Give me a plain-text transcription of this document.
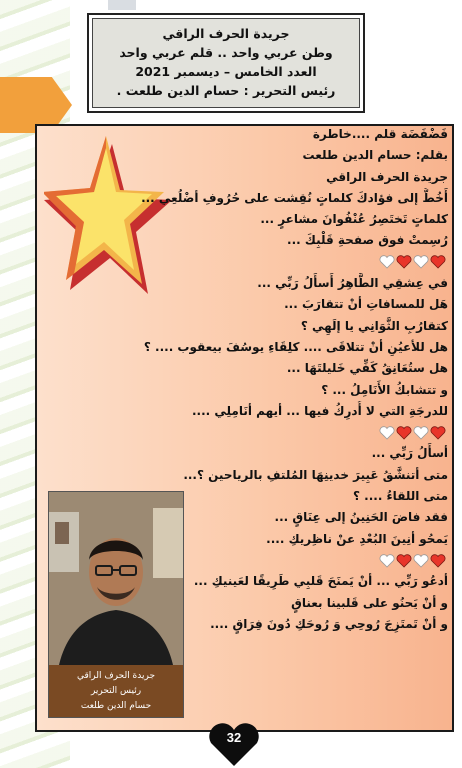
جريدة الحرف الراقي
وطن عربي واحد .. قلم عربي واحد
العدد الخامس – ديسمبر 2021
رئيس التحرير : حسام الدين طلعت .
فَضْفَضَة قلم ....خاطرة
بقلم: حسام الدين طلعت
جريدة الحرف الراقي
أَخُطُّ إلى فؤادكَ كلماتٍ نُقِشت على حُرُوفِ أضْلُعِي ...
كلماتٍ تَختَصِرُ عُنْفُوانَ مشاعرٍ ...
رُسِمتْ فوق صفحةِ قَلْبِكَ ...
في عِشقِي الطَّاهِرُ أَسأَلُ رَبِّي ...
هَل للمسافاتِ أنْ تتقارَبَ ...
كتقارُبِ الثَّوَانِي يا إلَهِي ؟
هل للأعيُنِ أنْ تتلاقَى .... كلِقَاءِ يوسُفَ بيعقوب .... ؟
هل ستُعَانِقُ كَفِّي خَليلتَهَا ...
و تتشابكُ الأَنَامِلُ ... ؟
للدرجَةِ التي لا أُدرِكُ فيها ... أيهم أنَامِلِي ....
أسأَلُ رَبِّي ...
متى أتنشَّقُ عَبِيرَ خدينِهَا المُلتفِ بالرياحين ؟...
متى اللقاءُ .... ؟
فقد فاضَ الحَنِينُ إلى عِنَاقٍ ...
يَمحُو أنِينَ البُعْدِ عنْ ناظِريكِ ....
أدعُو رَبِّي ... أنْ يَمنَحَ قَلبِي طَرِيقًا لعَينيكِ ...
و أنْ يَحنُو على قَلبينا بعناقٍ
و أنْ تَمتَزِجَ رُوحِي وَ رُوحَكِ دُونَ فِرَاقٍ ....
جريدة الحرف الراقي
رئيس التحرير
حسام الدين طلعت
32
